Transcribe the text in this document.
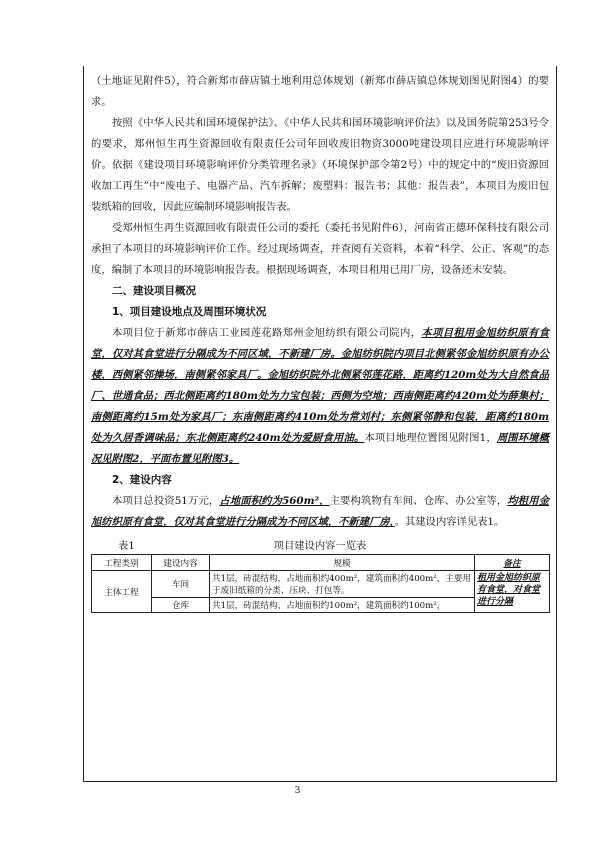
（土地证见附件5），符合新郑市薛店镇土地利用总体规划（新郑市薛店镇总体规划图见附图4）的要求。

按照《中华人民共和国环境保护法》、《中华人民共和国环境影响评价法》以及国务院第253号令的要求，郑州恒生再生资源回收有限责任公司年回收废旧物资3000吨建设项目应进行环境影响评价。依据《建设项目环境影响评价分类管理名录》（环境保护部令第2号）中的规定中的“废旧资源回收加工再生”中“废电子、电器产品、汽车拆解；废塑料：报告书；其他：报告表”，本项目为废旧包装纸箱的回收，因此应编制环境影响报告表。

受郑州恒生再生资源回收有限责任公司的委托（委托书见附件6），河南省正德环保科技有限公司承担了本项目的环境影响评价工作。经过现场调查，并查阅有关资料，本着“科学、公正、客观”的态度，编制了本项目的环境影响报告表。根据现场调查，本项目租用已用厂房，设备还未安装。

二、建设项目概况
1、项目建设地点及周围环境状况

本项目位于新郑市薛店工业园莲花路郑州金旭纺织有限公司院内，本项目租用金旭纺织原有食堂，仅对其食堂进行分隔成为不同区域，不新建厂房。金旭纺织院内项目北侧紧邻金旭纺织原有办公楼，西侧紧邻操场，南侧紧邻家具厂。金旭纺织院外北侧紧邻莲花路，距离约120m处为大自然食品厂、世通食品；西北侧距离约180m处为力宝包装；西侧为空地；西南侧距离约420m处为薛集村；南侧距离约15m处为家具厂；东南侧距离约410m处为常刘村；东侧紧邻静和包装，距离约180m处为久居香调味品；东北侧距离约240m处为爱厨食用油。本项目地理位置图见附图1，周围环境概况见附图2，平面布置见附图3。

2、建设内容

本项目总投资51万元，占地面积约为560m²，主要构筑物有车间、仓库、办公室等，均租用金旭纺织原有食堂，仅对其食堂进行分隔成为不同区域，不新建厂房，。其建设内容详见表1。

表1	项目建设内容一览表
工程类别	建设内容	规模	备注
主体工程	车间	共1层，砖混结构，占地面积约400m²，建筑面积约400m²，主要用于废旧纸箱的分类、压块、打包等。	租用金旭纺织原有食堂，对食堂进行分隔
	仓库	共1层，砖混结构，占地面积约100m²，建筑面积约100m²，	
3
